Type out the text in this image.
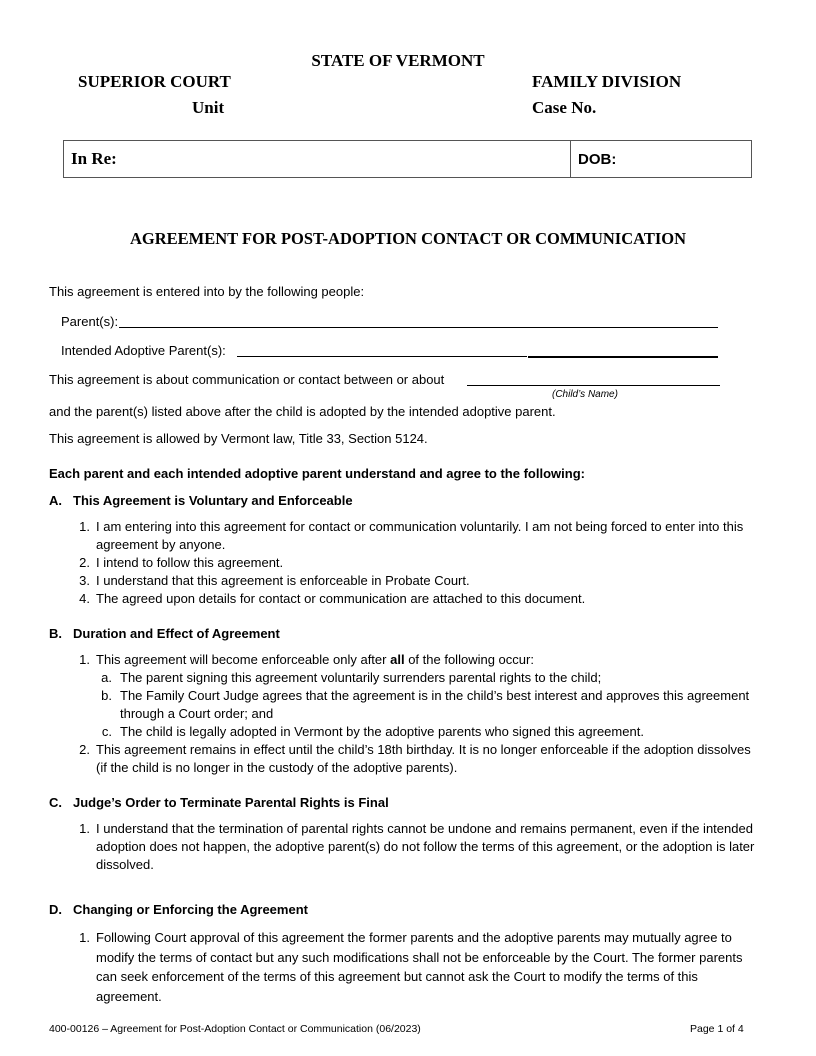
STATE OF VERMONT
SUPERIOR COURT
Unit
FAMILY DIVISION
Case No.
In Re:	DOB:
AGREEMENT FOR POST-ADOPTION CONTACT OR COMMUNICATION
This agreement is entered into by the following people:
Parent(s):
Intended Adoptive Parent(s):
This agreement is about communication or contact between or about
(Child’s Name)
and the parent(s) listed above after the child is adopted by the intended adoptive parent.
This agreement is allowed by Vermont law, Title 33, Section 5124.
Each parent and each intended adoptive parent understand and agree to the following:
A. This Agreement is Voluntary and Enforceable
1. I am entering into this agreement for contact or communication voluntarily. I am not being forced to enter into this agreement by anyone.
2. I intend to follow this agreement.
3. I understand that this agreement is enforceable in Probate Court.
4. The agreed upon details for contact or communication are attached to this document.
B. Duration and Effect of Agreement
1. This agreement will become enforceable only after all of the following occur:
a. The parent signing this agreement voluntarily surrenders parental rights to the child;
b. The Family Court Judge agrees that the agreement is in the child’s best interest and approves this agreement through a Court order; and
c. The child is legally adopted in Vermont by the adoptive parents who signed this agreement.
2. This agreement remains in effect until the child’s 18th birthday. It is no longer enforceable if the adoption dissolves (if the child is no longer in the custody of the adoptive parents).
C. Judge’s Order to Terminate Parental Rights is Final
1. I understand that the termination of parental rights cannot be undone and remains permanent, even if the intended adoption does not happen, the adoptive parent(s) do not follow the terms of this agreement, or the adoption is later dissolved.
D. Changing or Enforcing the Agreement
1. Following Court approval of this agreement the former parents and the adoptive parents may mutually agree to modify the terms of contact but any such modifications shall not be enforceable by the Court. The former parents can seek enforcement of the terms of this agreement but cannot ask the Court to modify the terms of this agreement.
400-00126 – Agreement for Post-Adoption Contact or Communication (06/2023)	Page 1 of 4
